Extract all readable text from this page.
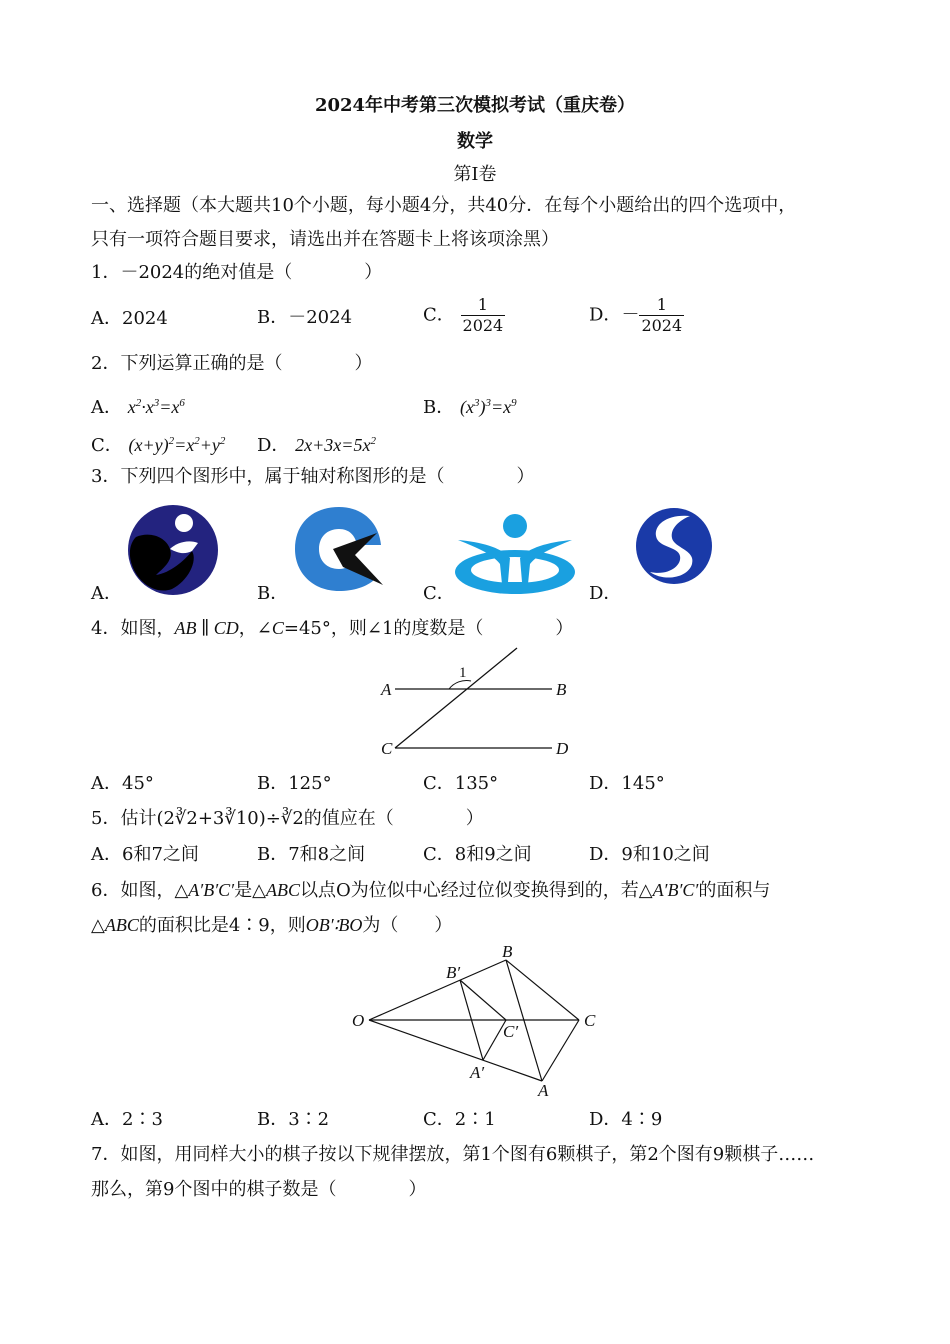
2024年中考第三次模拟考试（重庆卷）
数学
第Ⅰ卷
一、选择题（本大题共10个小题，每小题4分，共40分．在每个小题给出的四个选项中，
只有一项符合题目要求，请选出并在答题卡上将该项涂黑）
1．－2024的绝对值是（　　　　）
A．2024	B．－2024	C． $\frac{1}{2024}$	D．－ $\frac{1}{2024}$
2．下列运算正确的是（　　　　）
A． $x^2\cdot x^3=x^6$	B． $(x^3)^3=x^9$
C． $(x+y)^2=x^2+y^2$ D． $2x+3x=5x^2$
3．下列四个图形中，属于轴对称图形的是（　　　　）
A．	B．	C．	D．
4．如图，AB ∥ CD，∠C=45°，则∠1的度数是（　　　　）
A	B
C	D
1
A．45°	B．125°	C．135°	D．145°
5．估计(2∛2+3∛10)÷∛2的值应在（　　　　）
A．6和7之间	B．7和8之间	C．8和9之间	D．9和10之间
6．如图，△A′B′C′是△ABC以点O为位似中心经过位似变换得到的，若△A′B′C′的面积与
△ABC的面积比是4∶9，则OB′∶BO为（　　）
O
B′
B
C′
C
A′
A
A．2∶3	B．3∶2	C．2∶1	D．4∶9
7．如图，用同样大小的棋子按以下规律摆放，第1个图有6颗棋子，第2个图有9颗棋子……
那么，第9个图中的棋子数是（　　　　）
